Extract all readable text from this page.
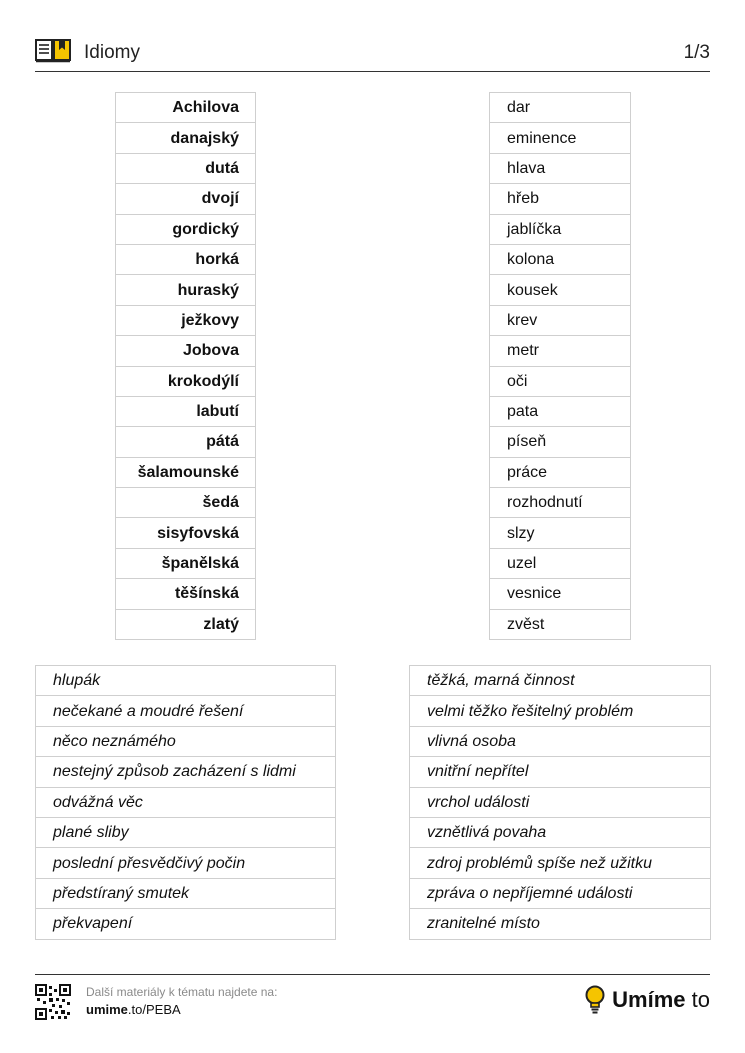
Idiomy	1/3
Achilova
danajský
dutá
dvojí
gordický
horká
huraský
ježkovy
Jobova
krokodýlí
labutí
pátá
šalamounské
šedá
sisyfovská
španělská
těšínská
zlatý
dar
eminence
hlava
hřeb
jablíčka
kolona
kousek
krev
metr
oči
pata
píseň
práce
rozhodnutí
slzy
uzel
vesnice
zvěst
hlupák
nečekané a moudré řešení
něco neznámého
nestejný způsob zacházení s lidmi
odvážná věc
plané sliby
poslední přesvědčivý počin
předstíraný smutek
překvapení
těžká, marná činnost
velmi těžko řešitelný problém
vlivná osoba
vnitřní nepřítel
vrchol události
vznětlivá povaha
zdroj problémů spíše než užitku
zpráva o nepříjemné události
zranitelné místo
Další materiály k tématu najdete na:
umime.to/PEBA	Umíme to
